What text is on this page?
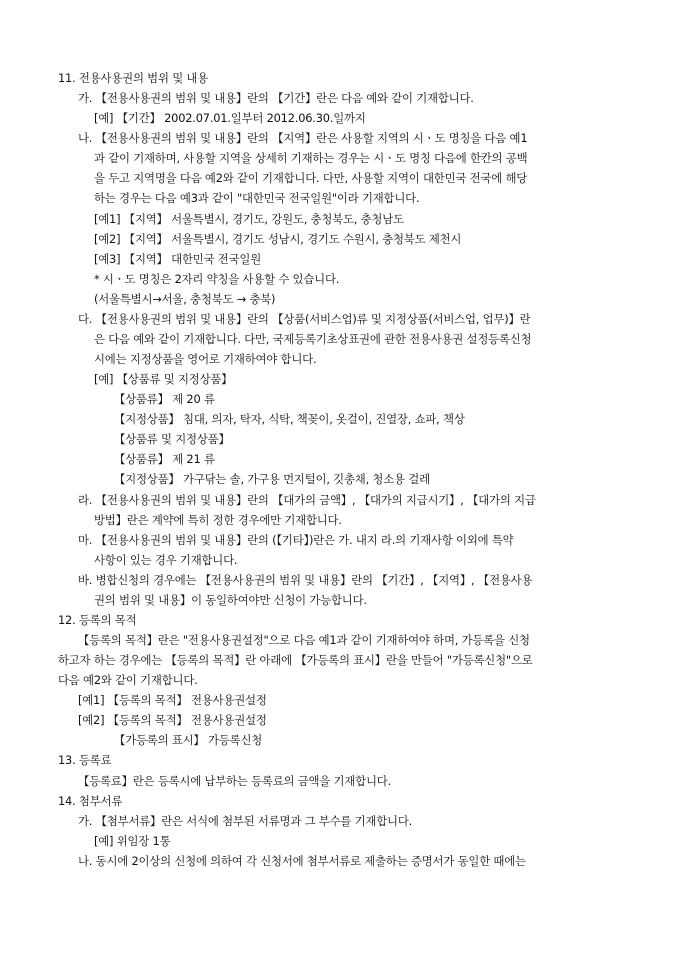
11. 전용사용권의 범위 및 내용
가. 【전용사용권의 범위 및 내용】란의 【기간】란은 다음 예와 같이 기재합니다.
[예] 【기간】 2002.07.01.일부터 2012.06.30.일까지
나. 【전용사용권의 범위 및 내용】란의 【지역】란은 사용할 지역의 시ㆍ도 명칭을 다음 예1
과 같이 기재하며, 사용할 지역을 상세히 기재하는 경우는 시ㆍ도 명칭 다음에 한칸의 공백
을 두고 지역명을 다음 예2와 같이 기재합니다. 다만, 사용할 지역이 대한민국 전국에 해당
하는 경우는 다음 예3과 같이 "대한민국 전국일원"이라 기재합니다.
[예1] 【지역】 서울특별시, 경기도, 강원도, 충청북도, 충청남도
[예2] 【지역】 서울특별시, 경기도 성남시, 경기도 수원시, 충청북도 제천시
[예3] 【지역】 대한민국 전국일원
* 시ㆍ도 명칭은 2자리 약칭을 사용할 수 있습니다.
(서울특별시→서울, 충청북도 → 충북)
다. 【전용사용권의 범위 및 내용】란의 【상품(서비스업)류 및 지정상품(서비스업, 업무)】란
은 다음 예와 같이 기재합니다. 다만, 국제등록기초상표권에 관한 전용사용권 설정등록신청
시에는 지정상품을 영어로 기재하여야 합니다.
[예] 【상품류 및 지정상품】
【상품류】 제 20 류
【지정상품】 침대, 의자, 탁자, 식탁, 책꽂이, 옷걸이, 진열장, 쇼파, 책상
【상품류 및 지정상품】
【상품류】 제 21 류
【지정상품】 가구닦는 솔, 가구용 먼지털이, 깃총채, 청소용 걸레
라. 【전용사용권의 범위 및 내용】란의 【대가의 금액】, 【대가의 지급시기】, 【대가의 지급
방법】란은 계약에 특히 정한 경우에만 기재합니다.
마. 【전용사용권의 범위 및 내용】란의 (【기타】)란은 가. 내지 라.의 기재사항 이외에 특약
사항이 있는 경우 기재합니다.
바. 병합신청의 경우에는 【전용사용권의 범위 및 내용】란의 【기간】, 【지역】, 【전용사용
권의 범위 및 내용】이 동일하여야만 신청이 가능합니다.
12. 등록의 목적
【등록의 목적】란은 "전용사용권설정"으로 다음 예1과 같이 기재하여야 하며, 가등록을 신청
하고자 하는 경우에는 【등록의 목적】란 아래에 【가등록의 표시】란을 만들어 "가등록신청"으로
다음 예2와 같이 기재합니다.
[예1] 【등록의 목적】 전용사용권설정
[예2] 【등록의 목적】 전용사용권설정
【가등록의 표시】 가등록신청
13. 등록료
【등록료】란은 등록시에 납부하는 등록료의 금액을 기재합니다.
14. 첨부서류
가. 【첨부서류】란은 서식에 첨부된 서류명과 그 부수를 기재합니다.
[예] 위임장 1통
나. 동시에 2이상의 신청에 의하여 각 신청서에 첨부서류로 제출하는 증명서가 동일한 때에는
